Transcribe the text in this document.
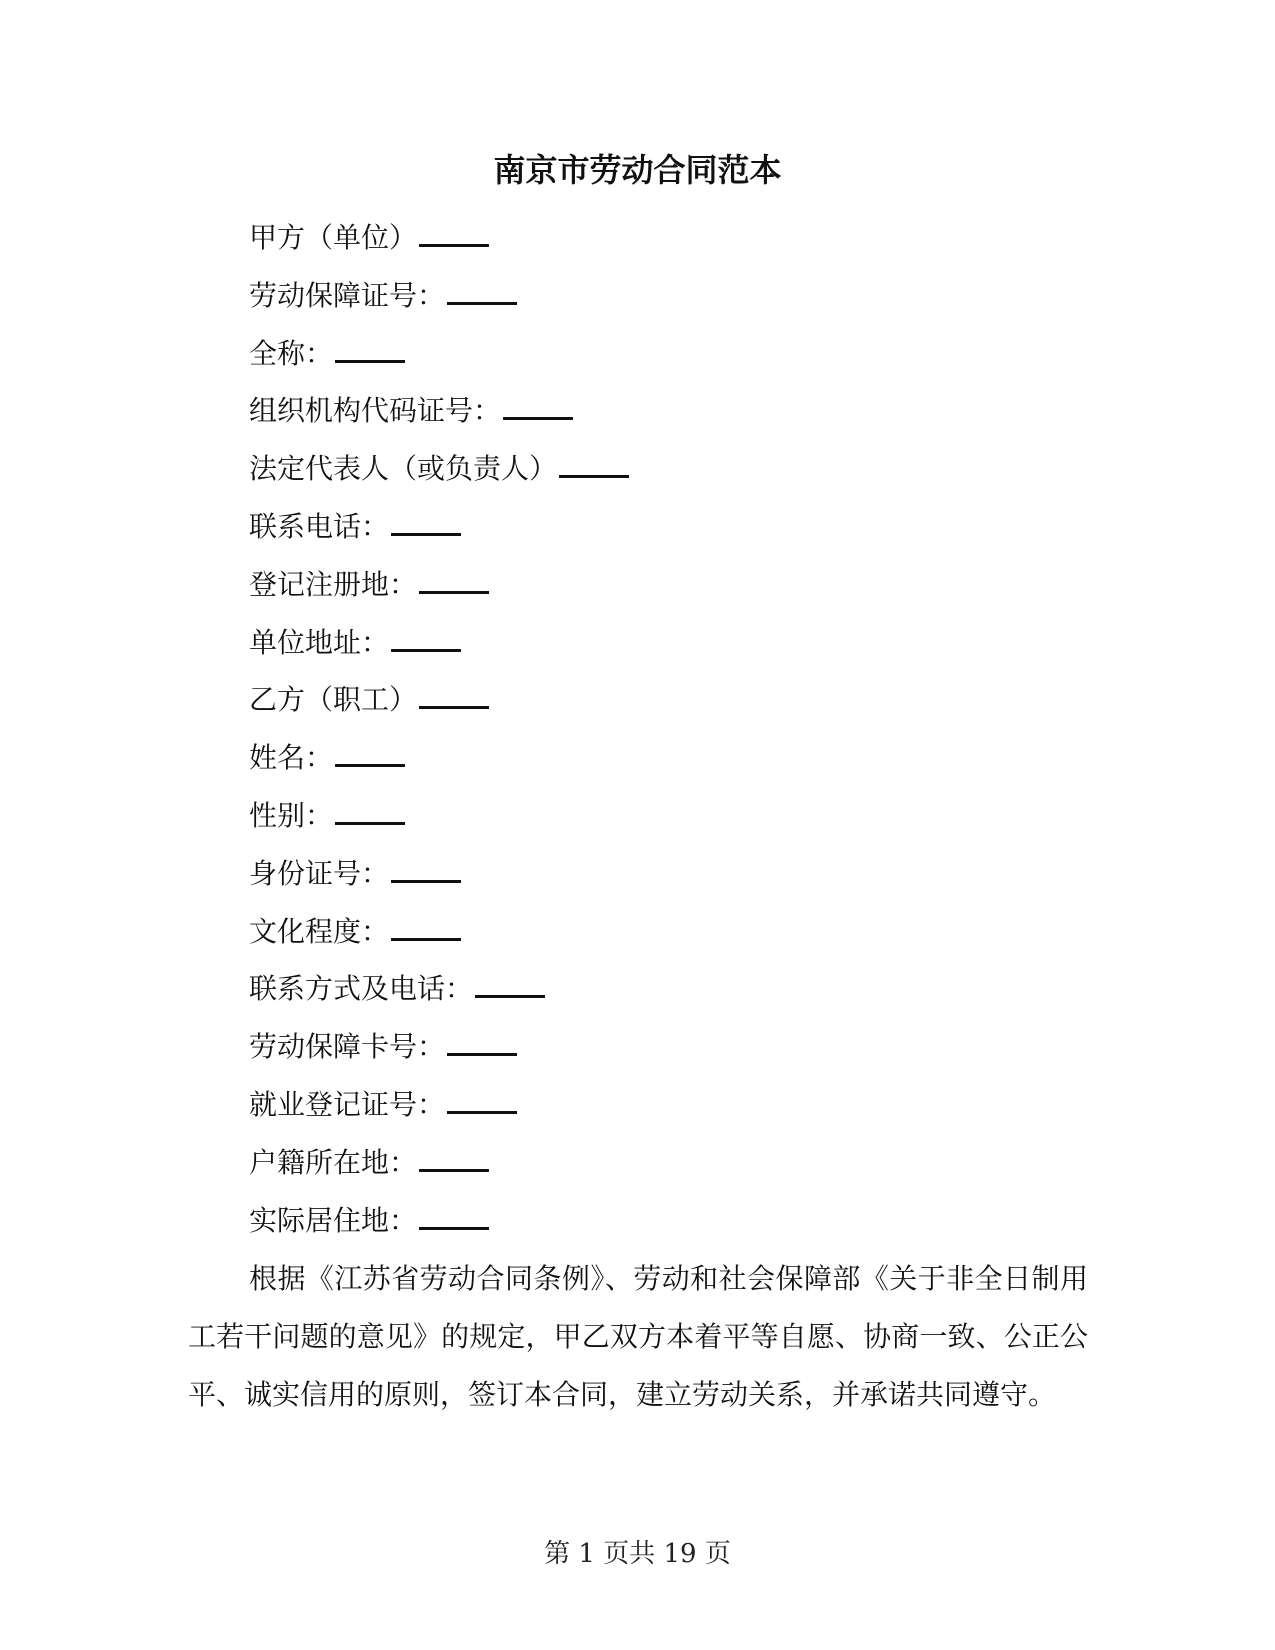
南京市劳动合同范本
甲方（单位）
劳动保障证号：
全称：
组织机构代码证号：
法定代表人（或负责人）
联系电话：
登记注册地：
单位地址：
乙方（职工）
姓名：
性别：
身份证号：
文化程度：
联系方式及电话：
劳动保障卡号：
就业登记证号：
户籍所在地：
实际居住地：

根据《江苏省劳动合同条例》、劳动和社会保障部《关于非全日制用工若干问题的意见》的规定，甲乙双方本着平等自愿、协商一致、公正公平、诚实信用的原则，签订本合同，建立劳动关系，并承诺共同遵守。

第 1 页共 19 页
